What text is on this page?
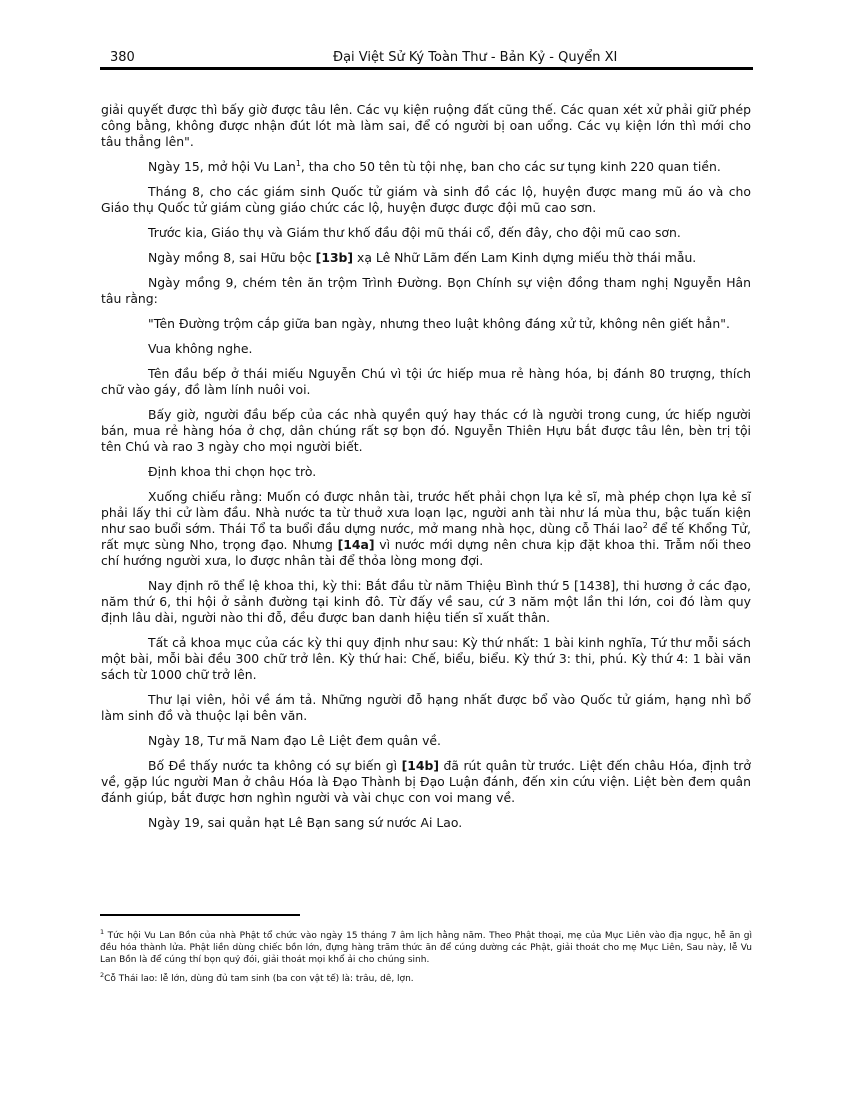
380	Đại Việt Sử Ký Toàn Thư - Bản Kỷ - Quyển XI

giải quyết được thì bấy giờ được tâu lên. Các vụ kiện ruộng đất cũng thế. Các quan xét xử phải giữ phép công bằng, không được nhận đút lót mà làm sai, để có người bị oan uổng. Các vụ kiện lớn thì mới cho tâu thẳng lên".

Ngày 15, mở hội Vu Lan$^1$, tha cho 50 tên tù tội nhẹ, ban cho các sư tụng kinh 220 quan tiền.

Tháng 8, cho các giám sinh Quốc tử giám và sinh đồ các lộ, huyện được mang mũ áo và cho Giáo thụ Quốc tử giám cùng giáo chức các lộ, huyện được được đội mũ cao sơn.

Trước kia, Giáo thụ và Giám thư khố đầu đội mũ thái cổ, đến đây, cho đội mũ cao sơn.

Ngày mồng 8, sai Hữu bộc [13b] xạ Lê Nhữ Lãm đến Lam Kinh dựng miếu thờ thái mẫu.

Ngày mồng 9, chém tên ăn trộm Trình Đường. Bọn Chính sự viện đồng tham nghị Nguyễn Hân tâu rằng:

"Tên Đường trộm cắp giữa ban ngày, nhưng theo luật không đáng xử tử, không nên giết hẳn".

Vua không nghe.

Tên đầu bếp ở thái miếu Nguyễn Chú vì tội ức hiếp mua rẻ hàng hóa, bị đánh 80 trượng, thích chữ vào gáy, đồ làm lính nuôi voi.

Bấy giờ, người đầu bếp của các nhà quyền quý hay thác cớ là người trong cung, ức hiếp người bán, mua rẻ hàng hóa ở chợ, dân chúng rất sợ bọn đó. Nguyễn Thiên Hựu bắt được tâu lên, bèn trị tội tên Chú và rao 3 ngày cho mọi người biết.

Định khoa thi chọn học trò.

Xuống chiếu rằng: Muốn có được nhân tài, trước hết phải chọn lựa kẻ sĩ, mà phép chọn lựa kẻ sĩ phải lấy thi cử làm đầu. Nhà nước ta từ thuở xưa loạn lạc, người anh tài như lá mùa thu, bậc tuấn kiện như sao buổi sớm. Thái Tổ ta buổi đầu dựng nước, mở mang nhà học, dùng cỗ Thái lao$^2$ để tế Khổng Tử, rất mực sùng Nho, trọng đạo. Nhưng [14a] vì nước mới dựng nên chưa kịp đặt khoa thi. Trẫm nối theo chí hướng người xưa, lo được nhân tài để thỏa lòng mong đợi.

Nay định rõ thể lệ khoa thi, kỳ thi: Bắt đầu từ năm Thiệu Bình thứ 5 [1438], thi hương ở các đạo, năm thứ 6, thi hội ở sảnh đường tại kinh đô. Từ đấy về sau, cứ 3 năm một lần thi lớn, coi đó làm quy định lâu dài, người nào thi đỗ, đều được ban danh hiệu tiến sĩ xuất thân.

Tất cả khoa mục của các kỳ thi quy định như sau: Kỳ thứ nhất: 1 bài kinh nghĩa, Tứ thư mỗi sách một bài, mỗi bài đều 300 chữ trở lên. Kỳ thứ hai: Chế, biểu, biểu. Kỳ thứ 3: thi, phú. Kỳ thứ 4: 1 bài văn sách từ 1000 chữ trở lên.

Thư lại viên, hỏi về ám tả. Những người đỗ hạng nhất được bổ vào Quốc tử giám, hạng nhì bổ làm sinh đồ và thuộc lại bên văn.

Ngày 18, Tư mã Nam đạo Lê Liệt đem quân về.

Bố Đề thấy nước ta không có sự biến gì [14b] đã rút quân từ trước. Liệt đến châu Hóa, định trở về, gặp lúc người Man ở châu Hóa là Đạo Thành bị Đạo Luận đánh, đến xin cứu viện. Liệt bèn đem quân đánh giúp, bắt được hơn nghìn người và vài chục con voi mang về.

Ngày 19, sai quản hạt Lê Bạn sang sứ nước Ai Lao.

$^1$ Tức hội Vu Lan Bồn của nhà Phật tổ chức vào ngày 15 tháng 7 âm lịch hằng năm. Theo Phật thoại, mẹ của Mục Liên vào địa ngục, hễ ăn gì đều hóa thành lửa. Phật liền dùng chiếc bồn lớn, đựng hàng trăm thức ăn để cúng dường các Phật, giải thoát cho mẹ Mục Liên, Sau này, lễ Vu Lan Bồn là để cúng thí bọn quỷ đói, giải thoát mọi khổ ải cho chúng sinh.

$^2$Cỗ Thái lao: lễ lớn, dùng đủ tam sinh (ba con vật tế) là: trâu, dê, lợn.
